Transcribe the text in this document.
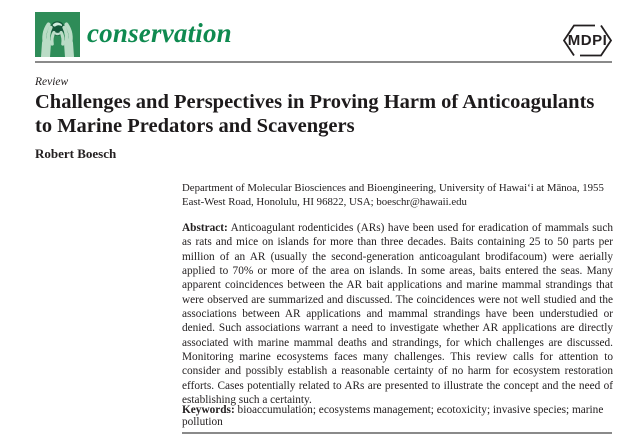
conservation	MDPI
Review
Challenges and Perspectives in Proving Harm of Anticoagulants
to Marine Predators and Scavengers
Robert Boesch
Department of Molecular Biosciences and Bioengineering, University of Hawai‘i at Mānoa, 1955 East-West Road, Honolulu, HI 96822, USA; boeschr@hawaii.edu
Abstract: Anticoagulant rodenticides (ARs) have been used for eradication of mammals such as rats and mice on islands for more than three decades. Baits containing 25 to 50 parts per million of an AR (usually the second-generation anticoagulant brodifacoum) were aerially applied to 70% or more of the area on islands. In some areas, baits entered the seas. Many apparent coincidences between the AR bait applications and marine mammal strandings that were observed are summarized and discussed. The coincidences were not well studied and the associations between AR applications and mammal strandings have been understudied or denied. Such associations warrant a need to investigate whether AR applications are directly associated with marine mammal deaths and strandings, for which challenges are discussed. Monitoring marine ecosystems faces many challenges. This review calls for attention to consider and possibly establish a reasonable certainty of no harm for ecosystem restoration efforts. Cases potentially related to ARs are presented to illustrate the concept and the need of establishing such a certainty.
Keywords: bioaccumulation; ecosystems management; ecotoxicity; invasive species; marine pollution
